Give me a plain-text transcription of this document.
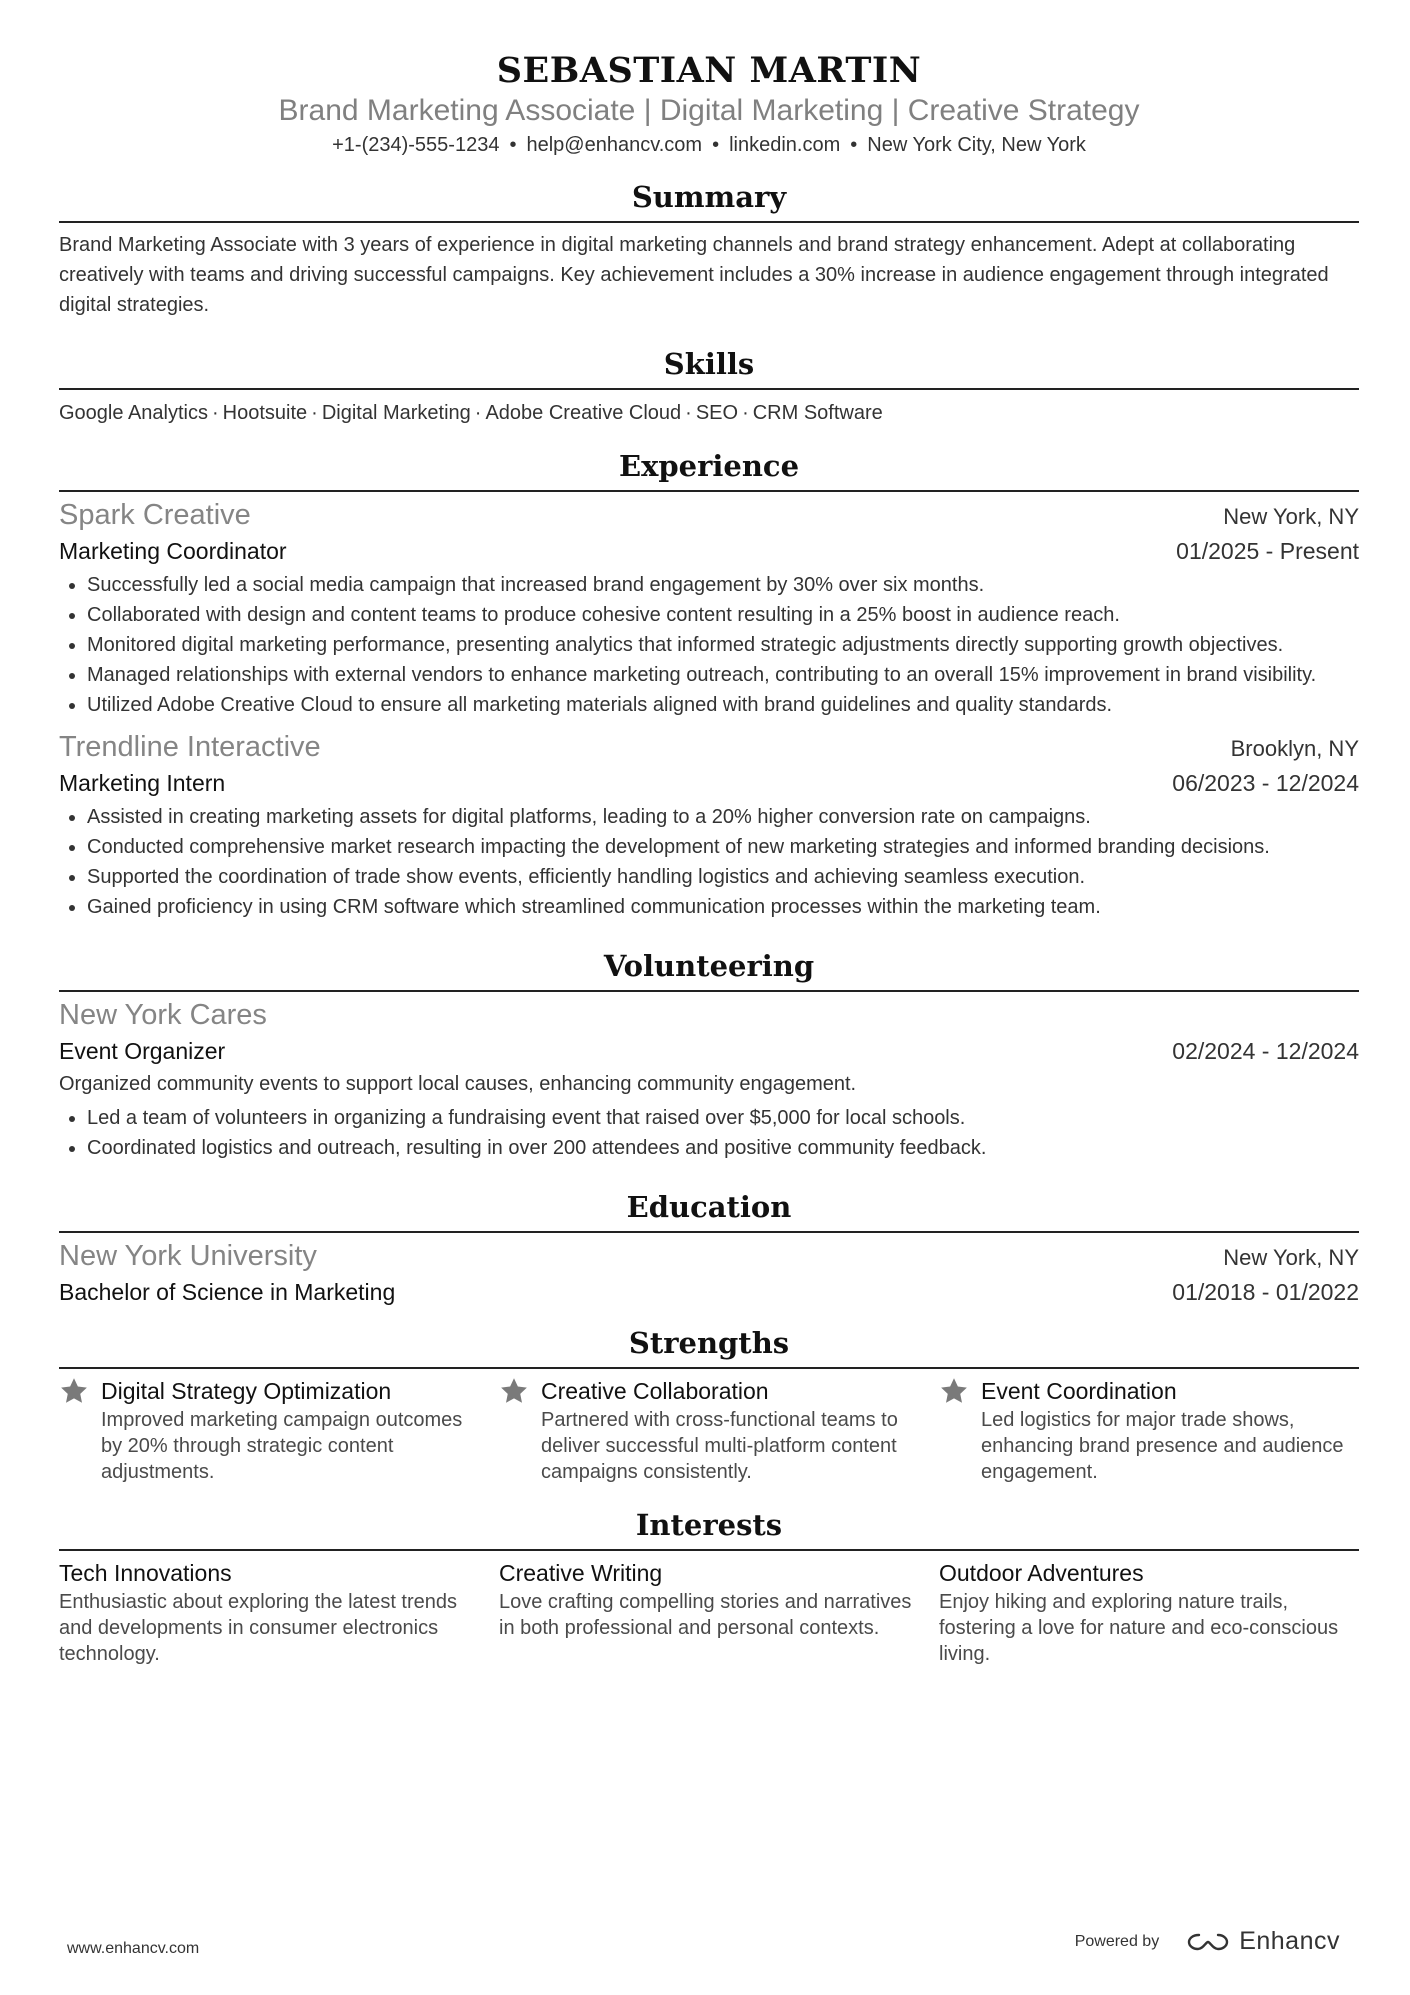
SEBASTIAN MARTIN
Brand Marketing Associate | Digital Marketing | Creative Strategy
+1-(234)-555-1234 • help@enhancv.com • linkedin.com • New York City, New York
Summary
Brand Marketing Associate with 3 years of experience in digital marketing channels and brand strategy enhancement. Adept at collaborating creatively with teams and driving successful campaigns. Key achievement includes a 30% increase in audience engagement through integrated digital strategies.
Skills
Google Analytics · Hootsuite · Digital Marketing · Adobe Creative Cloud · SEO · CRM Software
Experience
Spark Creative	New York, NY
Marketing Coordinator	01/2025 - Present
Successfully led a social media campaign that increased brand engagement by 30% over six months.
Collaborated with design and content teams to produce cohesive content resulting in a 25% boost in audience reach.
Monitored digital marketing performance, presenting analytics that informed strategic adjustments directly supporting growth objectives.
Managed relationships with external vendors to enhance marketing outreach, contributing to an overall 15% improvement in brand visibility.
Utilized Adobe Creative Cloud to ensure all marketing materials aligned with brand guidelines and quality standards.
Trendline Interactive	Brooklyn, NY
Marketing Intern	06/2023 - 12/2024
Assisted in creating marketing assets for digital platforms, leading to a 20% higher conversion rate on campaigns.
Conducted comprehensive market research impacting the development of new marketing strategies and informed branding decisions.
Supported the coordination of trade show events, efficiently handling logistics and achieving seamless execution.
Gained proficiency in using CRM software which streamlined communication processes within the marketing team.
Volunteering
New York Cares
Event Organizer	02/2024 - 12/2024
Organized community events to support local causes, enhancing community engagement.
Led a team of volunteers in organizing a fundraising event that raised over $5,000 for local schools.
Coordinated logistics and outreach, resulting in over 200 attendees and positive community feedback.
Education
New York University	New York, NY
Bachelor of Science in Marketing	01/2018 - 01/2022
Strengths
Digital Strategy Optimization
Improved marketing campaign outcomes by 20% through strategic content adjustments.
Creative Collaboration
Partnered with cross-functional teams to deliver successful multi-platform content campaigns consistently.
Event Coordination
Led logistics for major trade shows, enhancing brand presence and audience engagement.
Interests
Tech Innovations
Enthusiastic about exploring the latest trends and developments in consumer electronics technology.
Creative Writing
Love crafting compelling stories and narratives in both professional and personal contexts.
Outdoor Adventures
Enjoy hiking and exploring nature trails, fostering a love for nature and eco-conscious living.
www.enhancv.com	Powered by	Enhancv
